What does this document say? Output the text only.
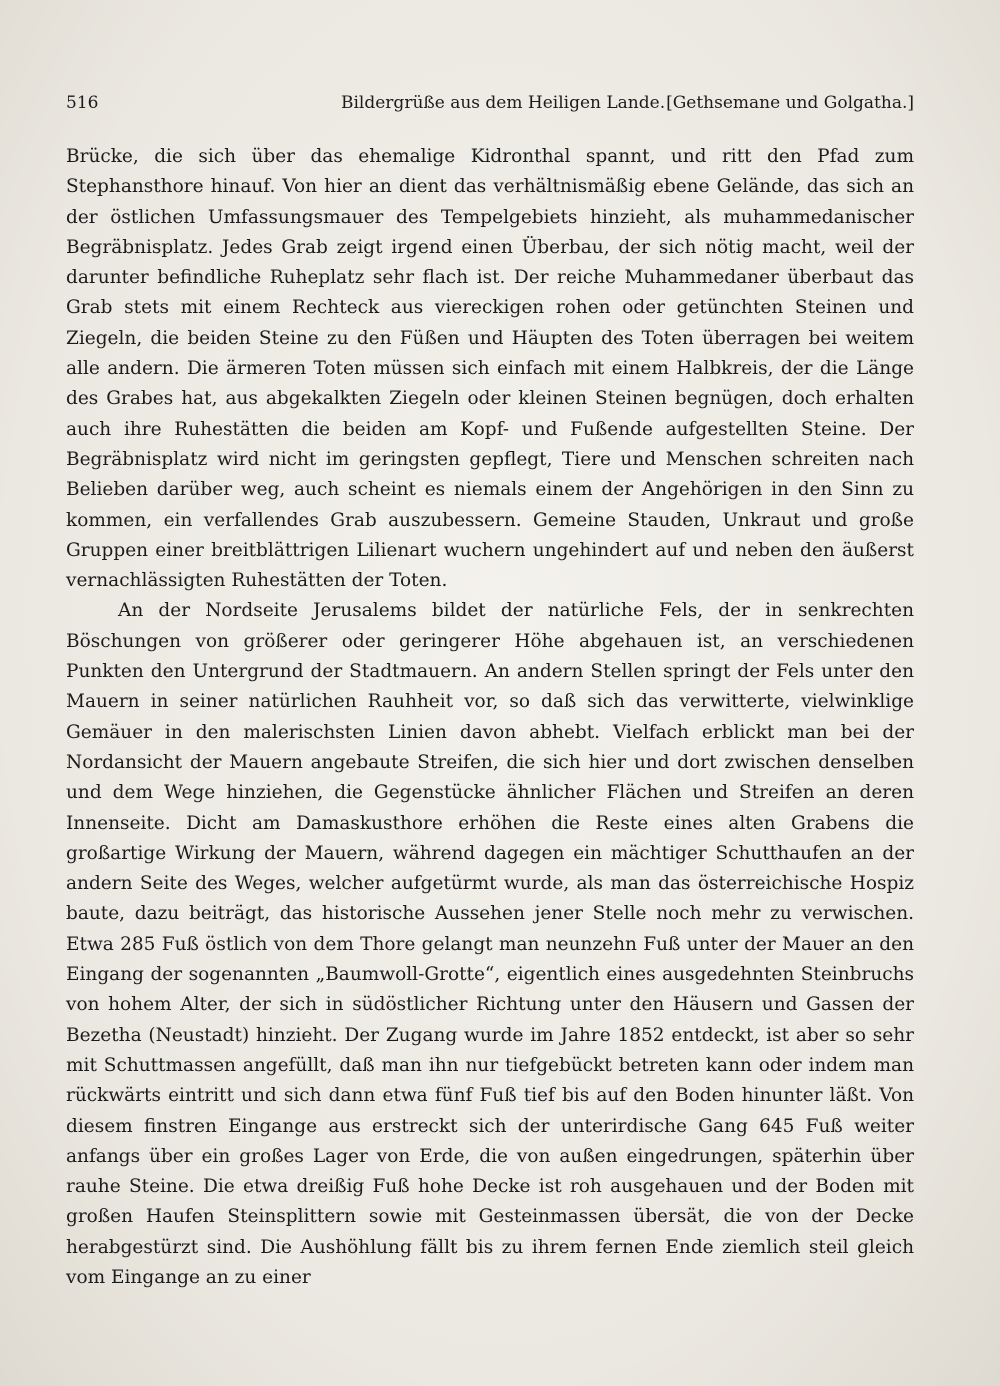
516	Bildergrüße aus dem Heiligen Lande. [Gethsemane und Golgatha.]

Brücke, die sich über das ehemalige Kidronthal spannt, und ritt den Pfad zum Stephansthore hinauf. Von hier an dient das verhältnismäßig ebene Gelände, das sich an der östlichen Umfassungsmauer des Tempelgebiets hinzieht, als muhammedanischer Begräbnisplatz. Jedes Grab zeigt irgend einen Überbau, der sich nötig macht, weil der darunter befindliche Ruheplatz sehr flach ist. Der reiche Muhammedaner überbaut das Grab stets mit einem Rechteck aus viereckigen rohen oder getünchten Steinen und Ziegeln, die beiden Steine zu den Füßen und Häupten des Toten überragen bei weitem alle andern. Die ärmeren Toten müssen sich einfach mit einem Halbkreis, der die Länge des Grabes hat, aus abgekalkten Ziegeln oder kleinen Steinen begnügen, doch erhalten auch ihre Ruhestätten die beiden am Kopf- und Fußende aufgestellten Steine. Der Begräbnisplatz wird nicht im geringsten gepflegt, Tiere und Menschen schreiten nach Belieben darüber weg, auch scheint es niemals einem der Angehörigen in den Sinn zu kommen, ein verfallendes Grab auszubessern. Gemeine Stauden, Unkraut und große Gruppen einer breitblättrigen Lilienart wuchern ungehindert auf und neben den äußerst vernachlässigten Ruhestätten der Toten.

An der Nordseite Jerusalems bildet der natürliche Fels, der in senkrechten Böschungen von größerer oder geringerer Höhe abgehauen ist, an verschiedenen Punkten den Untergrund der Stadtmauern. An andern Stellen springt der Fels unter den Mauern in seiner natürlichen Rauhheit vor, so daß sich das verwitterte, vielwinklige Gemäuer in den malerischsten Linien davon abhebt. Vielfach erblickt man bei der Nordansicht der Mauern angebaute Streifen, die sich hier und dort zwischen denselben und dem Wege hinziehen, die Gegenstücke ähnlicher Flächen und Streifen an deren Innenseite. Dicht am Damaskusthore erhöhen die Reste eines alten Grabens die großartige Wirkung der Mauern, während dagegen ein mächtiger Schutthaufen an der andern Seite des Weges, welcher aufgetürmt wurde, als man das österreichische Hospiz baute, dazu beiträgt, das historische Aussehen jener Stelle noch mehr zu verwischen. Etwa 285 Fuß östlich von dem Thore gelangt man neunzehn Fuß unter der Mauer an den Eingang der sogenannten „Baumwoll-Grotte“, eigentlich eines ausgedehnten Steinbruchs von hohem Alter, der sich in südöstlicher Richtung unter den Häusern und Gassen der Bezetha (Neustadt) hinzieht. Der Zugang wurde im Jahre 1852 entdeckt, ist aber so sehr mit Schuttmassen angefüllt, daß man ihn nur tiefgebückt betreten kann oder indem man rückwärts eintritt und sich dann etwa fünf Fuß tief bis auf den Boden hinunter läßt. Von diesem finstren Eingange aus erstreckt sich der unterirdische Gang 645 Fuß weiter anfangs über ein großes Lager von Erde, die von außen eingedrungen, späterhin über rauhe Steine. Die etwa dreißig Fuß hohe Decke ist roh ausgehauen und der Boden mit großen Haufen Steinsplittern sowie mit Gesteinmassen übersät, die von der Decke herabgestürzt sind. Die Aushöhlung fällt bis zu ihrem fernen Ende ziemlich steil gleich vom Eingange an zu einer
